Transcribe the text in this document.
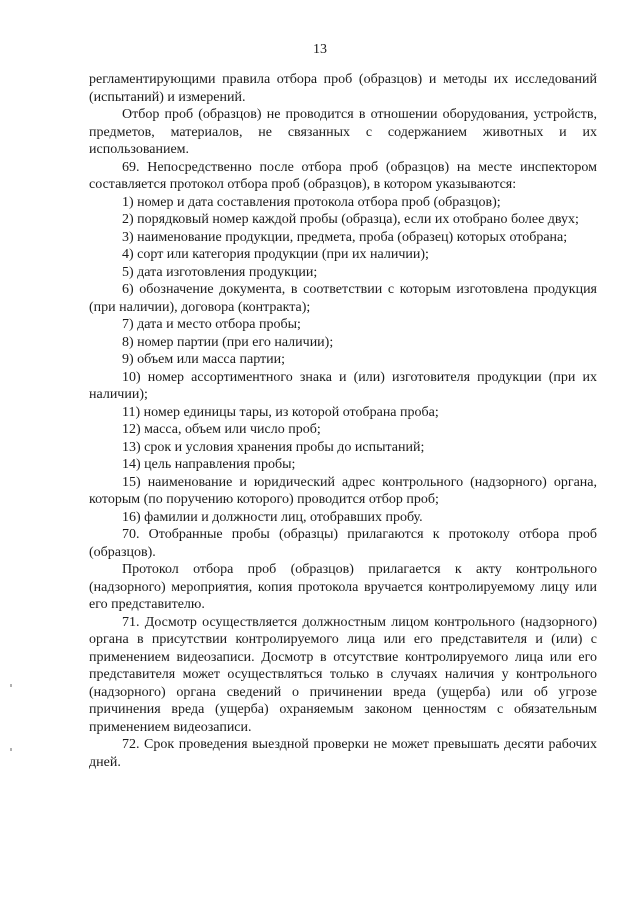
13

регламентирующими правила отбора проб (образцов) и методы их исследований (испытаний) и измерений.

Отбор проб (образцов) не проводится в отношении оборудования, устройств, предметов, материалов, не связанных с содержанием животных и их использованием.

69. Непосредственно после отбора проб (образцов) на месте инспектором составляется протокол отбора проб (образцов), в котором указываются:

1) номер и дата составления протокола отбора проб (образцов);

2) порядковый номер каждой пробы (образца), если их отобрано более двух;

3) наименование продукции, предмета, проба (образец) которых отобрана;

4) сорт или категория продукции (при их наличии);

5) дата изготовления продукции;

6) обозначение документа, в соответствии с которым изготовлена продукция (при наличии), договора (контракта);

7) дата и место отбора пробы;

8) номер партии (при его наличии);

9) объем или масса партии;

10) номер ассортиментного знака и (или) изготовителя продукции (при их наличии);

11) номер единицы тары, из которой отобрана проба;

12) масса, объем или число проб;

13) срок и условия хранения пробы до испытаний;

14) цель направления пробы;

15) наименование и юридический адрес контрольного (надзорного) органа, которым (по поручению которого) проводится отбор проб;

16) фамилии и должности лиц, отобравших пробу.

70. Отобранные пробы (образцы) прилагаются к протоколу отбора проб (образцов).

Протокол отбора проб (образцов) прилагается к акту контрольного (надзорного) мероприятия, копия протокола вручается контролируемому лицу или его представителю.

71. Досмотр осуществляется должностным лицом контрольного (надзорного) органа в присутствии контролируемого лица или его представителя и (или) с применением видеозаписи. Досмотр в отсутствие контролируемого лица или его представителя может осуществляться только в случаях наличия у контрольного (надзорного) органа сведений о причинении вреда (ущерба) или об угрозе причинения вреда (ущерба) охраняемым законом ценностям с обязательным применением видеозаписи.

72. Срок проведения выездной проверки не может превышать десяти рабочих дней.
